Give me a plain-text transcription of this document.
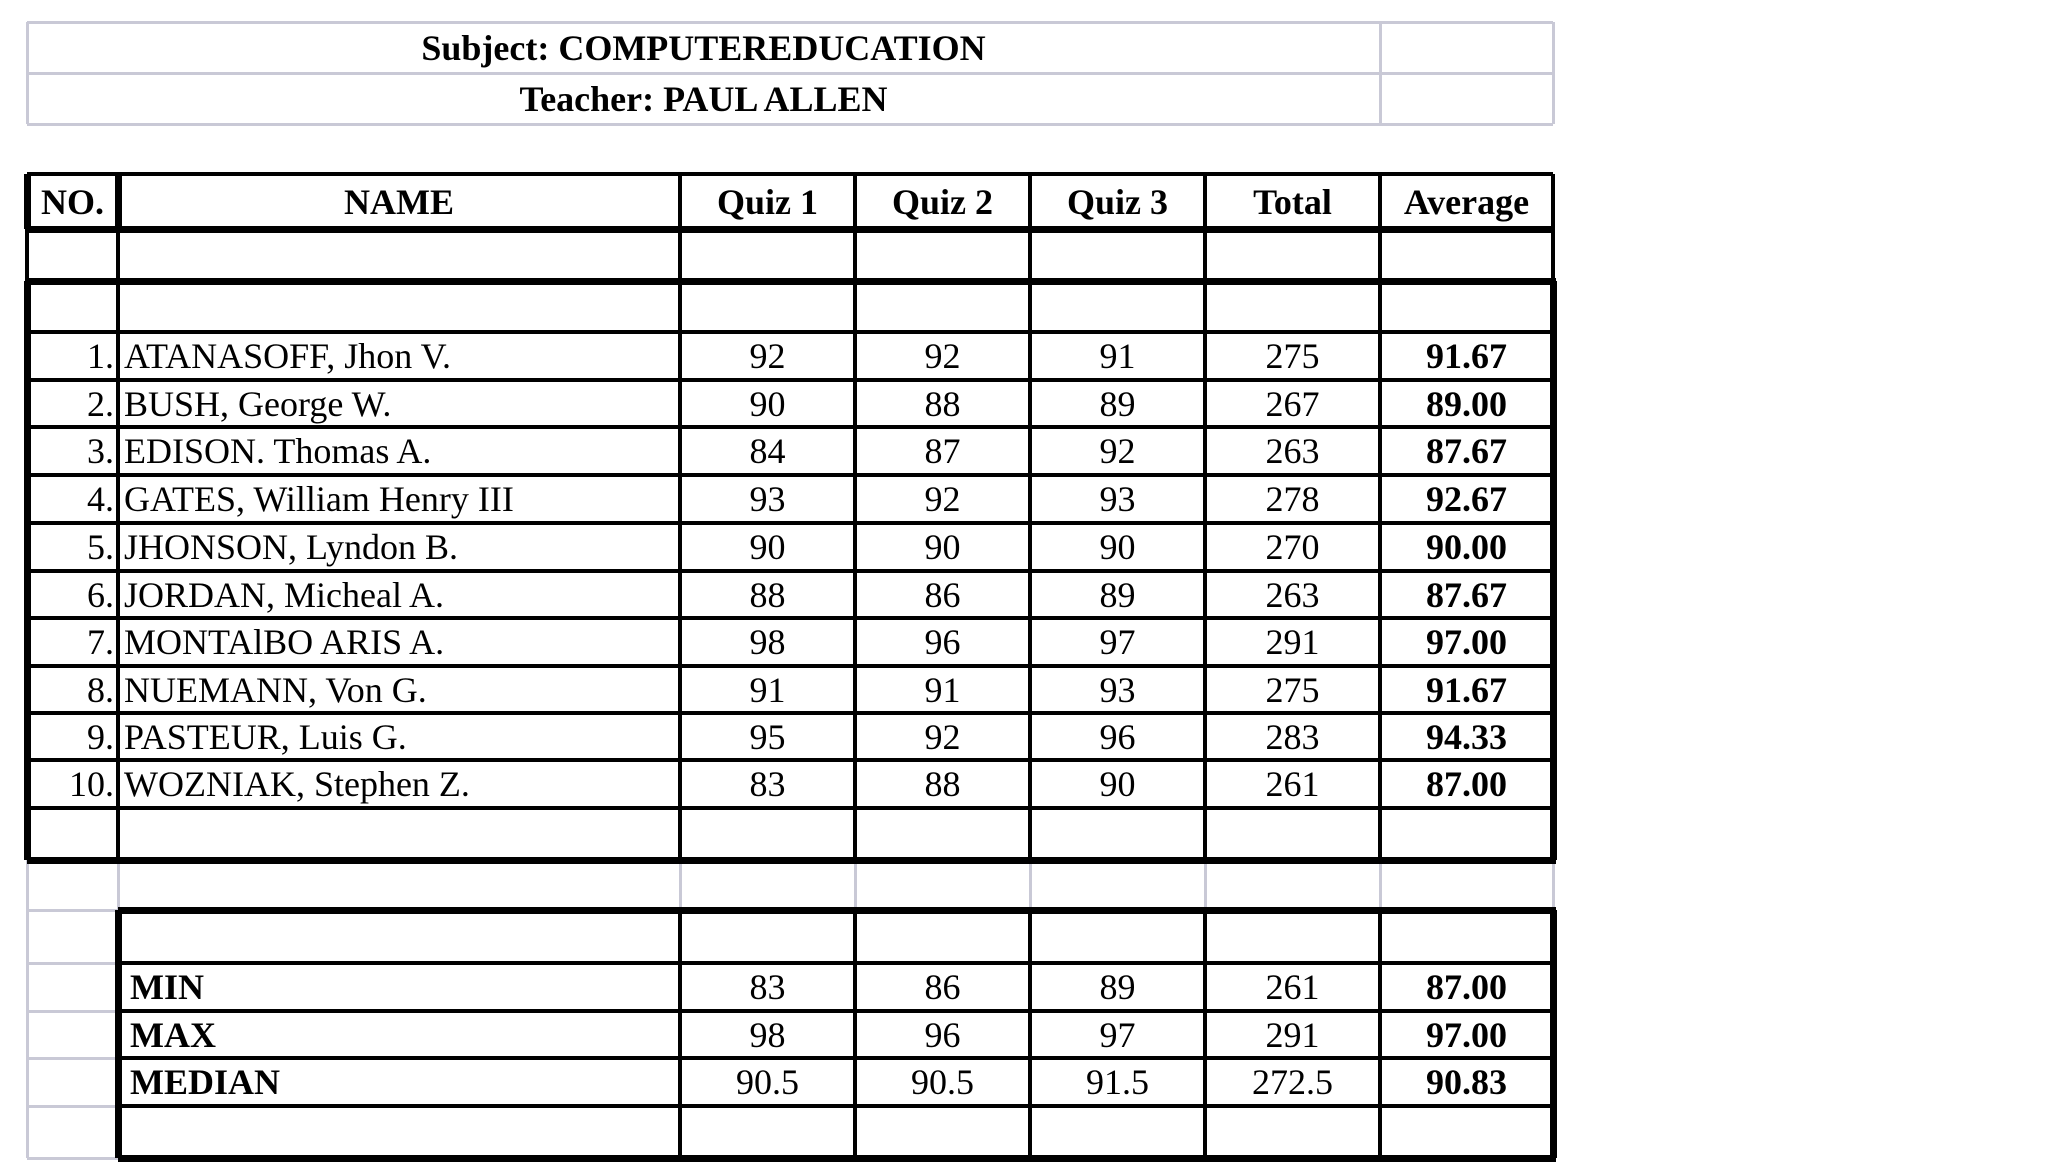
Subject: COMPUTEREDUCATION
Teacher: PAUL ALLEN
NO.	NAME	Quiz 1	Quiz 2	Quiz 3	Total	Average
1. ATANASOFF, Jhon V.	92	92	91	275	91.67
2. BUSH, George W.	90	88	89	267	89.00
3. EDISON. Thomas A.	84	87	92	263	87.67
4. GATES, William Henry III	93	92	93	278	92.67
5. JHONSON, Lyndon B.	90	90	90	270	90.00
6. JORDAN, Micheal A.	88	86	89	263	87.67
7. MONTAlBO ARIS A.	98	96	97	291	97.00
8. NUEMANN, Von G.	91	91	93	275	91.67
9. PASTEUR, Luis G.	95	92	96	283	94.33
10. WOZNIAK, Stephen Z.	83	88	90	261	87.00
MIN	83	86	89	261	87.00
MAX	98	96	97	291	97.00
MEDIAN	90.5	90.5	91.5	272.5	90.83
